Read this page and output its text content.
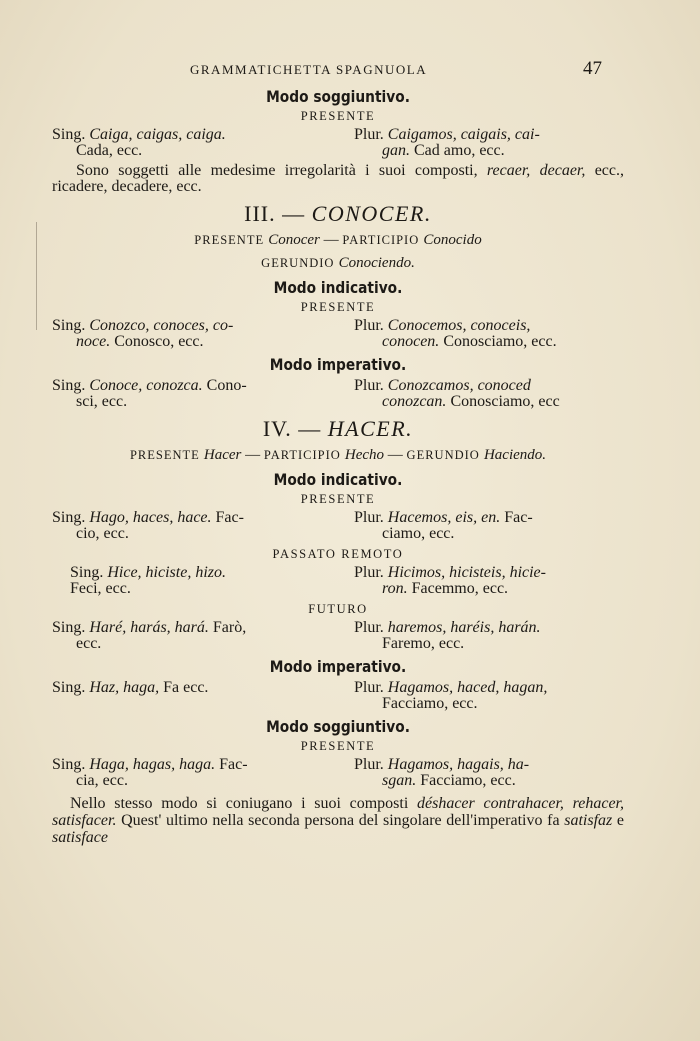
GRAMMATICHETTA SPAGNUOLA	47
Modo soggiuntivo.
PRESENTE
Sing. Caiga, caigas, caiga.
Cada, ecc.
Plur. Caigamos, caigais, cai-
gan. Cad amo, ecc.
Sono soggetti alle medesime irregolarità i suoi composti, recaer, decaer, ecc., ricadere, decadere, ecc.
III. — CONOCER.
PRESENTE Conocer — PARTICIPIO Conocido
GERUNDIO Conociendo.
Modo indicativo.
PRESENTE
Sing. Conozco, conoces, co-
noce. Conosco, ecc.
Plur. Conocemos, conoceis,
conocen. Conosciamo, ecc.
Modo imperativo.
Sing. Conoce, conozca. Cono-
sci, ecc.
Plur. Conozcamos, conoced
conozcan. Conosciamo, ecc
IV. — HACER.
PRESENTE Hacer — PARTICIPIO Hecho — GERUNDIO Haciendo.
Modo indicativo.
PRESENTE
Sing. Hago, haces, hace. Fac-
cio, ecc.
Plur. Hacemos, eis, en. Fac-
ciamo, ecc.
PASSATO REMOTO
Sing. Hice, hiciste, hizo.
Feci, ecc.
Plur. Hicimos, hicisteis, hicie-
ron. Facemmo, ecc.
FUTURO
Sing. Haré, harás, hará. Farò,
ecc.
Plur. haremos, haréis, harán.
Faremo, ecc.
Modo imperativo.
Sing. Haz, haga, Fa ecc.	Plur. Hagamos, haced, hagan,
Facciamo, ecc.
Modo soggiuntivo.
PRESENTE
Sing. Haga, hagas, haga. Fac-
cia, ecc.
Plur. Hagamos, hagais, ha-
sgan. Facciamo, ecc.
Nello stesso modo si coniugano i suoi composti déshacer contrahacer, rehacer, satisfacer. Quest' ultimo nella seconda persona del singolare dell'imperativo fa satisfaz e satisface
